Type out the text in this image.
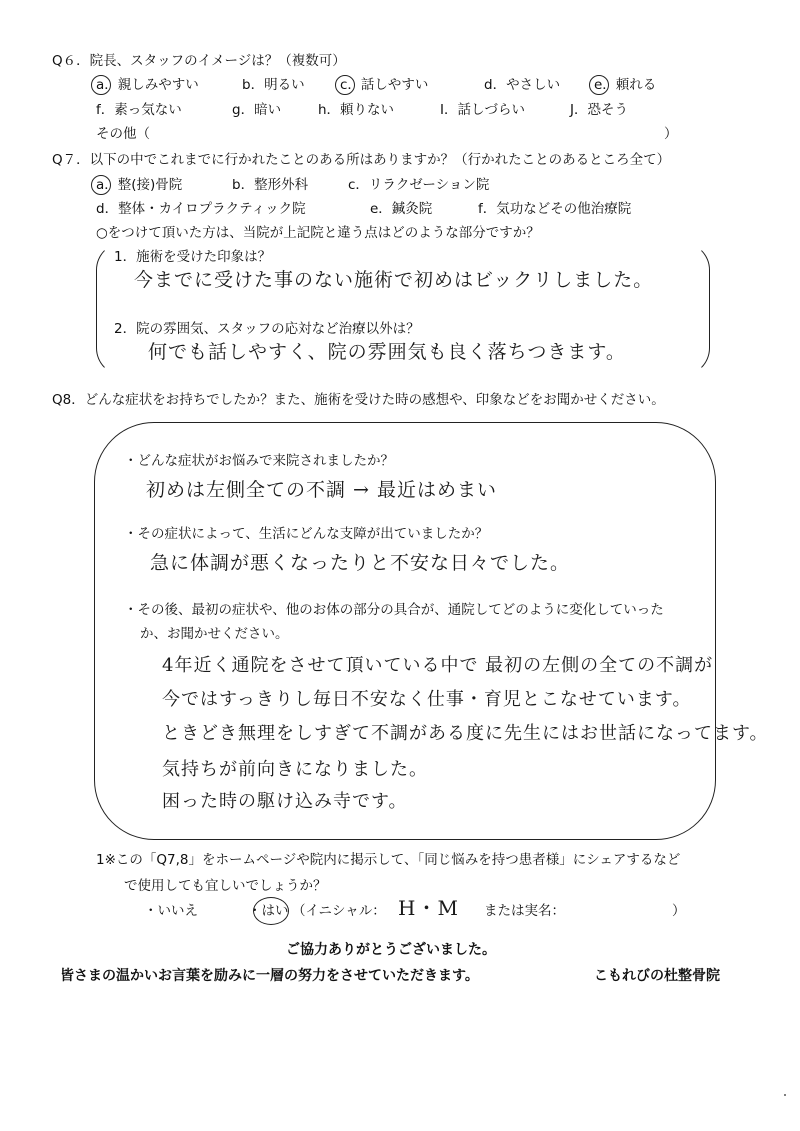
Q６．院長、スタッフのイメージは？（複数可）
a．親しみやすい	b．明るい	c．話しやすい	d．やさしい	e．頼れる
f．素っ気ない	g．暗い	h．頼りない	I．話しづらい	J．恐そう
その他（	）
Q７．以下の中でこれまでに行かれたことのある所はありますか？（行かれたことのあるところ全て）
a．整(接)骨院	b．整形外科	c．リラクゼーション院
d．整体・カイロプラクティック院	e．鍼灸院	f．気功などその他治療院
○をつけて頂いた方は、当院が上記院と違う点はどのような部分ですか？
1．施術を受けた印象は？
今までに受けた事のない施術で初めはビックリしました。
2．院の雰囲気、スタッフの応対など治療以外は？
何でも話しやすく、院の雰囲気も良く落ちつきます。
Q8．どんな症状をお持ちでしたか？また、施術を受けた時の感想や、印象などをお聞かせください。
・どんな症状がお悩みで来院されましたか？
初めは左側全ての不調 → 最近はめまい
・その症状によって、生活にどんな支障が出ていましたか？
急に体調が悪くなったりと不安な日々でした。
・その後、最初の症状や、他のお体の部分の具合が、通院してどのように変化していった
か、お聞かせください。
4年近く通院をさせて頂いている中で 最初の左側の全ての不調が
今ではすっきりし毎日不安なく仕事・育児とこなせています。
ときどき無理をしすぎて不調がある度に先生にはお世話になってます。
気持ちが前向きになりました。
困った時の駆け込み寺です。
1※この「Q7,8」をホームページや院内に掲示して、「同じ悩みを持つ患者様」にシェアするなど
で使用しても宜しいでしょうか？
・いいえ	・はい （イニシャル： H・M または実名：	）
ご協力ありがとうございました。
皆さまの温かいお言葉を励みに一層の努力をさせていただきます。	こもれびの杜整骨院
